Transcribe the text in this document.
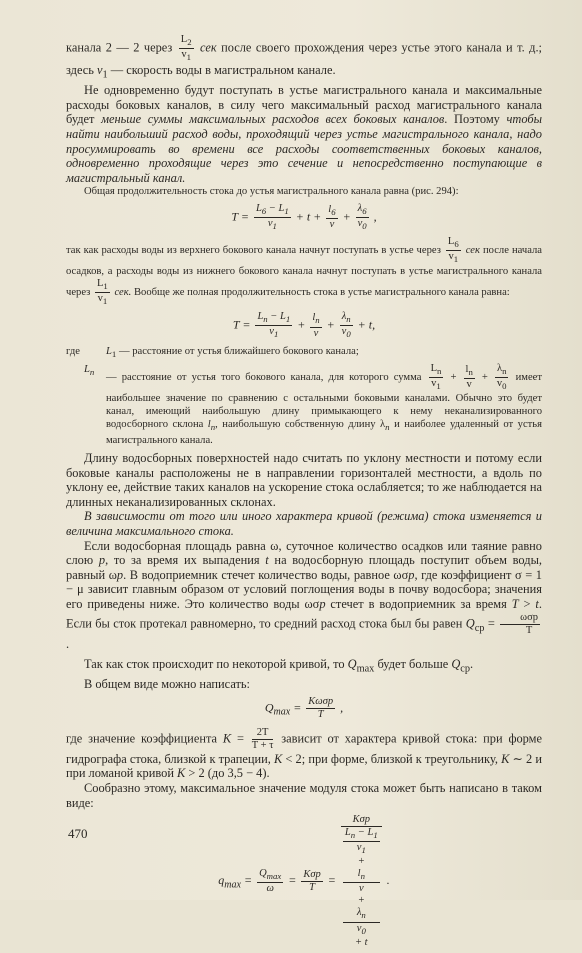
канала 2 — 2 через $\frac{L_2}{v_1}$ сек после своего прохождения через устье этого канала и т. д.; здесь $v_1$ — скорость воды в магистральном канале.

Не одновременно будут поступать в устье магистрального канала и максимальные расходы боковых каналов, в силу чего максимальный расход магистрального канала будет меньше суммы максимальных расходов всех боковых каналов. Поэтому чтобы найти наибольший расход воды, проходящий через устье магистрального канала, надо просуммировать во времени все расходы соответственных боковых каналов, одновременно проходящие через это сечение и непосредственно поступающие в магистральный канал.

Общая продолжительность стока до устья магистрального канала равна (рис. 294):

$T = \frac{L_6 - L_1}{v_1} + t + \frac{l_6}{v} + \frac{\lambda_6}{v_0}$ ,

так как расходы воды из верхнего бокового канала начнут поступать в устье через $\frac{L_6}{v_1}$ сек после начала осадков, а расходы воды из нижнего бокового канала начнут поступать в устье магистрального канала через $\frac{L_1}{v_1}$ сек. Вообще же полная продолжительность стока в устье магистрального канала равна:

$T = \frac{L_n - L_1}{v_1} + \frac{l_n}{v} + \frac{\lambda_n}{v_0} + t$,
где	$L_1$ — расстояние от устья ближайшего бокового канала;
$L_n$	— расстояние от устья того бокового канала, для которого сумма $\frac{L_n}{v_1} + \frac{l_n}{v} + \frac{\lambda_n}{v_0}$ имеет наибольшее значение по сравнению с остальными боковыми каналами. Обычно это будет канал, имеющий наибольшую длину примыкающего к нему неканализированного водосборного склона $l_n$, наибольшую собственную длину $\lambda_n$ и наиболее удаленный от устья магистрального канала.

Длину водосборных поверхностей надо считать по уклону местности и потому если боковые каналы расположены не в направлении горизонталей местности, а вдоль по уклону ее, действие таких каналов на ускорение стока ослабляется; то же наблюдается на длинных неканализированных склонах.

В зависимости от того или иного характера кривой (режима) стока изменяется и величина максимального стока.

Если водосборная площадь равна ω, суточное количество осадков или таяние равно слою p, то за время их выпадения t на водосборную площадь поступит объем воды, равный ωp. В водоприемник стечет количество воды, равное ωσp, где коэффициент σ = 1 − μ зависит главным образом от условий поглощения воды в почву водосбора; значения его приведены ниже. Это количество воды ωσp стечет в водоприемник за время T > t. Если бы сток протекал равномерно, то средний расход стока был бы равен $Q_{ср}$ =	ωσp
T
.

Так как сток происходит по некоторой кривой, то $Q_{max}$ будет больше $Q_{ср}$.

В общем виде можно написать:

$Q_{max} = K\omega\sigma p$
T
,

где значение коэффициента $K = \frac{2T}{T + \tau}$ зависит от характера кривой стока: при форме гидрографа стока, близкой к трапеции, K < 2; при форме, близкой к треугольнику, K ∼ 2 и при ломаной кривой K > 2 (до 3,5 − 4).

Сообразно этому, максимальное значение модуля стока может быть написано в таком виде:

$q_{max} = Q_{max}$
ω
= Kσp
T
=
Kσp
$L_n - L_1$
$v_1$
+
$l_n$
v
+
$\lambda_n$
$v_0$
+ t
.
470
